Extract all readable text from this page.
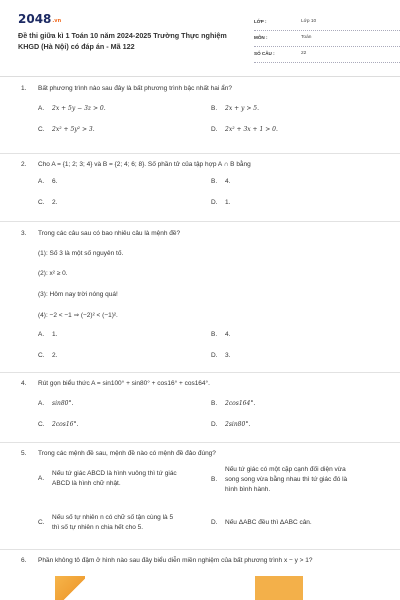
2048.vn
Đề thi giữa kì 1 Toán 10 năm 2024-2025 Trường Thực nghiệm KHGD (Hà Nội) có đáp án - Mã 122
LỚP :	Lớp 10
MÔN :	Toán
SỐ CÂU :	22
1. Bất phương trình nào sau đây là bất phương trình bậc nhất hai ẩn?
A. 2x + 5y − 3z > 0.	B. 2x + y > 5.
C. 2x² + 5y² > 3.	D. 2x² + 3x + 1 > 0.
2. Cho A = {1; 2; 3; 4} và B = {2; 4; 6; 8}. Số phần tử của tập hợp A ∩ B bằng
A. 6.	B. 4.
C. 2.	D. 1.
3. Trong các câu sau có bao nhiêu câu là mệnh đề?
(1): Số 3 là một số nguyên tố.
(2): x² ≥ 0.
(3): Hôm nay trời nóng quá!
(4): −2 < −1 ⇒ (−2)² < (−1)².
A. 1.	B. 4.
C. 2.	D. 3.
4. Rút gọn biểu thức A = sin100° + sin80° + cos16° + cos164°.
A. sin80°.	B. 2cos164°.
C. 2cos16°.	D. 2sin80°.
5. Trong các mệnh đề sau, mệnh đề nào có mệnh đề đảo đúng?
A.
Nếu tứ giác ABCD là hình vuông thì tứ giác
ABCD là hình chữ nhật.
B.
Nếu tứ giác có một cặp cạnh đối diện vừa
song song vừa bằng nhau thì tứ giác đó là
hình bình hành.
C.
Nếu số tự nhiên n có chữ số tận cùng là 5
thì số tự nhiên n chia hết cho 5.
D.	Nếu ΔABC đều thì ΔABC cân.
6. Phần không tô đậm ở hình nào sau đây biểu diễn miền nghiệm của bất phương trình x − y > 1?
